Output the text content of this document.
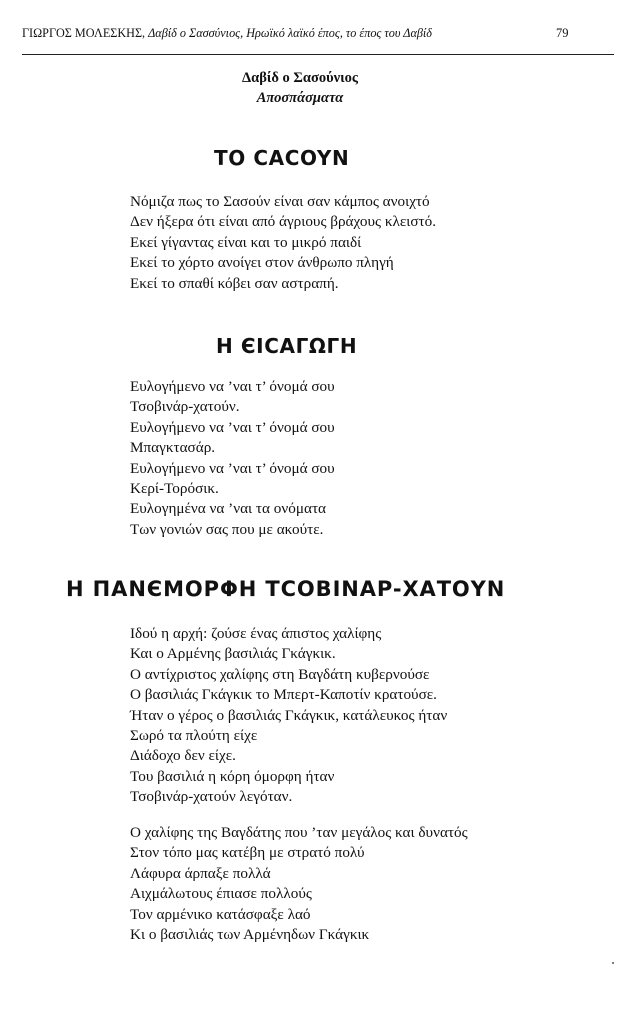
ΓΙΩΡΓΟΣ ΜΟΛΕΣΚΗΣ, Δαβίδ ο Σασσύνιος, Ηρωϊκό λαϊκό έπος, το έπος του Δαβίδ	79
Δαβίδ ο Σασούνιος
Αποσπάσματα
ΤΟ CACOYN
Νόμιζα πως το Σασούν είναι σαν κάμπος ανοιχτό
Δεν ήξερα ότι είναι από άγριους βράχους κλειστό.
Εκεί γίγαντας είναι και το μικρό παιδί
Εκεί το χόρτο ανοίγει στον άνθρωπο πληγή
Εκεί το σπαθί κόβει σαν αστραπή.
Η ЄΙCΑΓΩΓΗ
Ευλογήμενο να ’ναι τ’ όνομά σου
Τσοβινάρ-χατούν.
Ευλογήμενο να ’ναι τ’ όνομά σου
Μπαγκτασάρ.
Ευλογήμενο να ’ναι τ’ όνομά σου
Κερί-Τορόσικ.
Ευλογημένα να ’ναι τα ονόματα
Των γονιών σας που με ακούτε.
Η ΠΑΝЄΜΟΡΦΗ ΤCOBINAP-ΧΑΤΟΥΝ
Ιδού η αρχή: ζούσε ένας άπιστος χαλίφης
Και ο Αρμένης βασιλιάς Γκάγκικ.
Ο αντίχριστος χαλίφης στη Βαγδάτη κυβερνούσε
Ο βασιλιάς Γκάγκικ το Μπερτ-Καποτίν κρατούσε.
Ήταν ο γέρος ο βασιλιάς Γκάγκικ, κατάλευκος ήταν
Σωρό τα πλούτη είχε
Διάδοχο δεν είχε.
Του βασιλιά η κόρη όμορφη ήταν
Τσοβινάρ-χατούν λεγόταν.
Ο χαλίφης της Βαγδάτης που ’ταν μεγάλος και δυνατός
Στον τόπο μας κατέβη με στρατό πολύ
Λάφυρα άρπαξε πολλά
Αιχμάλωτους έπιασε πολλούς
Τον αρμένικο κατάσφαξε λαό
Κι ο βασιλιάς των Αρμένηδων Γκάγκικ
